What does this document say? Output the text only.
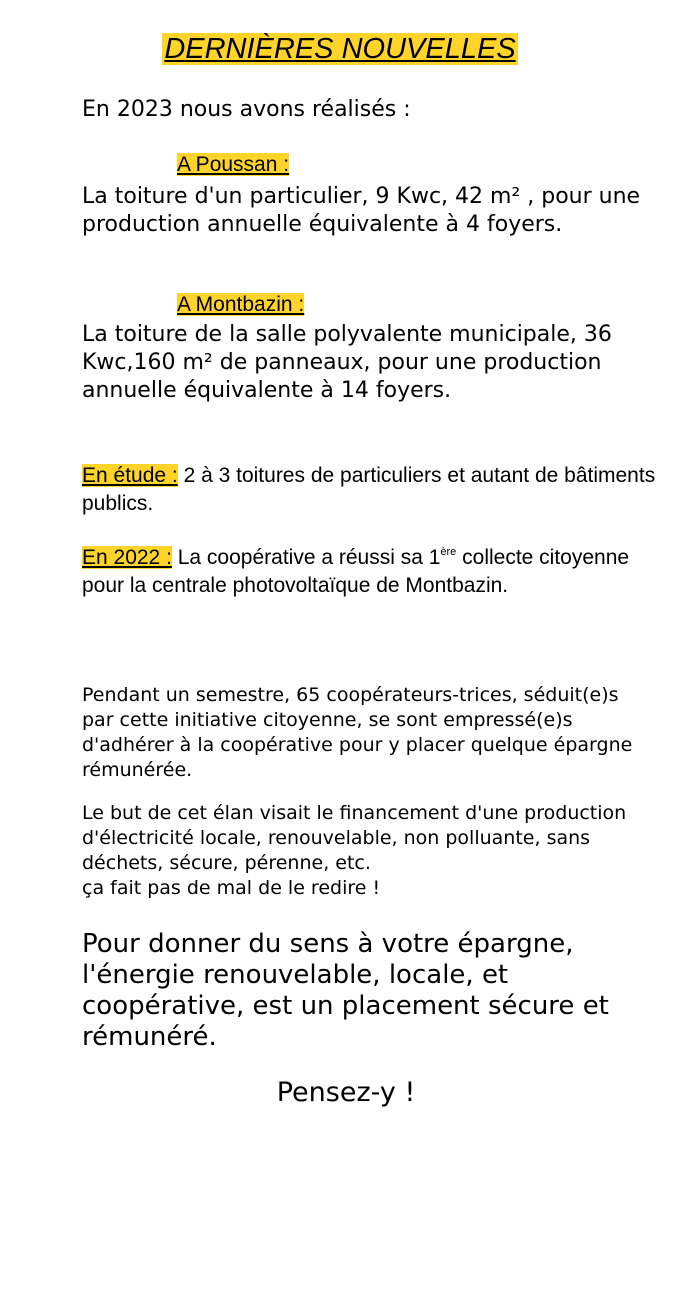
DERNIÈRES NOUVELLES
En 2023 nous avons réalisés :
A Poussan :
La toiture d'un particulier, 9 Kwc, 42 m² , pour une production annuelle équivalente à 4 foyers.
A Montbazin :
La toiture de la salle polyvalente municipale, 36 Kwc,160 m² de panneaux, pour une production annuelle équivalente à 14 foyers.
En étude : 2 à 3 toitures de particuliers et autant de bâtiments publics.
En 2022 : La coopérative a réussi sa 1ère collecte citoyenne pour la centrale photovoltaïque de Montbazin.
Pendant un semestre, 65 coopérateurs-trices, séduit(e)s par cette initiative citoyenne, se sont empressé(e)s d'adhérer à la coopérative pour y placer quelque épargne rémunérée.
Le but de cet élan visait le financement d'une production d'électricité locale, renouvelable, non polluante, sans déchets, sécure, pérenne, etc.
ça fait pas de mal de le redire !
Pour donner du sens à votre épargne, l'énergie renouvelable, locale, et coopérative, est un placement sécure et rémunéré.
Pensez-y !
